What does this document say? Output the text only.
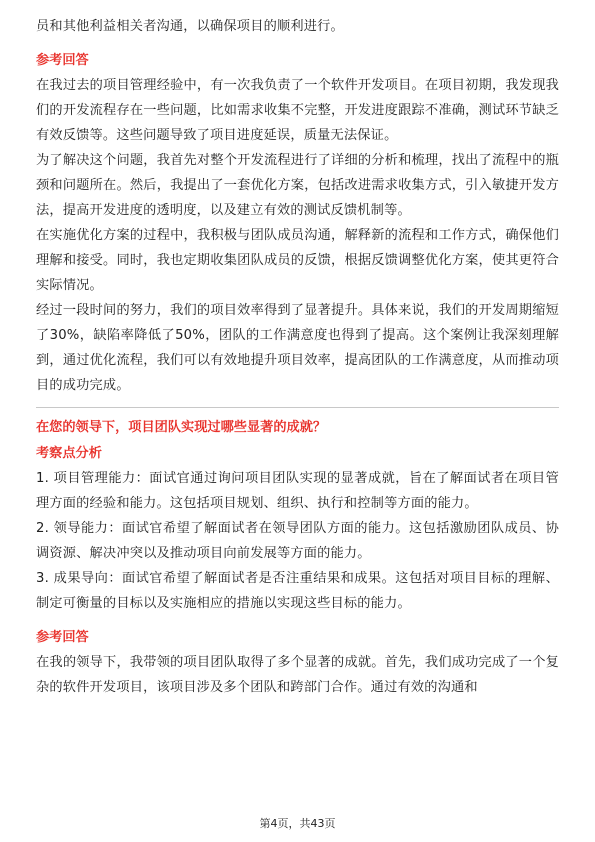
员和其他利益相关者沟通，以确保项目的顺利进行。

参考回答

在我过去的项目管理经验中，有一次我负责了一个软件开发项目。在项目初期，我发现我们的开发流程存在一些问题，比如需求收集不完整，开发进度跟踪不准确，测试环节缺乏有效反馈等。这些问题导致了项目进度延误，质量无法保证。

为了解决这个问题，我首先对整个开发流程进行了详细的分析和梳理，找出了流程中的瓶颈和问题所在。然后，我提出了一套优化方案，包括改进需求收集方式，引入敏捷开发方法，提高开发进度的透明度，以及建立有效的测试反馈机制等。

在实施优化方案的过程中，我积极与团队成员沟通，解释新的流程和工作方式，确保他们理解和接受。同时，我也定期收集团队成员的反馈，根据反馈调整优化方案，使其更符合实际情况。

经过一段时间的努力，我们的项目效率得到了显著提升。具体来说，我们的开发周期缩短了30%，缺陷率降低了50%，团队的工作满意度也得到了提高。这个案例让我深刻理解到，通过优化流程，我们可以有效地提升项目效率，提高团队的工作满意度，从而推动项目的成功完成。

在您的领导下，项目团队实现过哪些显著的成就？
考察点分析

1. 项目管理能力：面试官通过询问项目团队实现的显著成就，旨在了解面试者在项目管理方面的经验和能力。这包括项目规划、组织、执行和控制等方面的能力。

2. 领导能力：面试官希望了解面试者在领导团队方面的能力。这包括激励团队成员、协调资源、解决冲突以及推动项目向前发展等方面的能力。

3. 成果导向：面试官希望了解面试者是否注重结果和成果。这包括对项目目标的理解、制定可衡量的目标以及实施相应的措施以实现这些目标的能力。

参考回答

在我的领导下，我带领的项目团队取得了多个显著的成就。首先，我们成功完成了一个复杂的软件开发项目，该项目涉及多个团队和跨部门合作。通过有效的沟通和

第4页，共43页
